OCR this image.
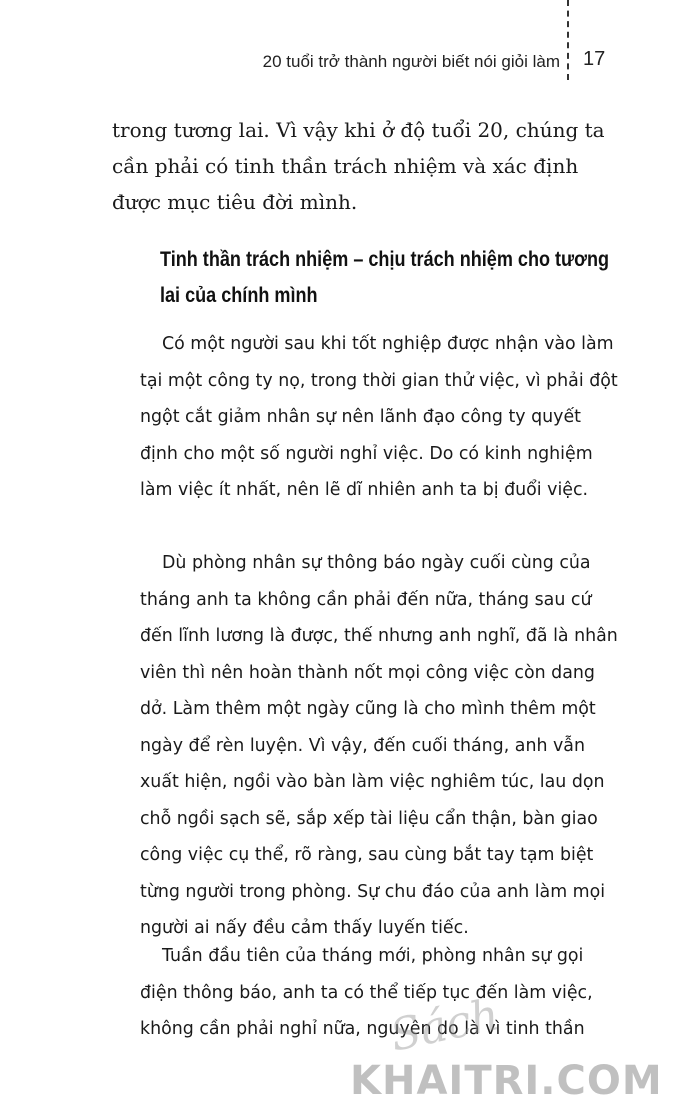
20 tuổi trở thành người biết nói giỏi làm 17

trong tương lai. Vì vậy khi ở độ tuổi 20, chúng ta cần phải có tinh thần trách nhiệm và xác định được mục tiêu đời mình.

Tinh thần trách nhiệm – chịu trách nhiệm cho tương lai của chính mình

Có một người sau khi tốt nghiệp được nhận vào làm tại một công ty nọ, trong thời gian thử việc, vì phải đột ngột cắt giảm nhân sự nên lãnh đạo công ty quyết định cho một số người nghỉ việc. Do có kinh nghiệm làm việc ít nhất, nên lẽ dĩ nhiên anh ta bị đuổi việc.

Dù phòng nhân sự thông báo ngày cuối cùng của tháng anh ta không cần phải đến nữa, tháng sau cứ đến lĩnh lương là được, thế nhưng anh nghĩ, đã là nhân viên thì nên hoàn thành nốt mọi công việc còn dang dở. Làm thêm một ngày cũng là cho mình thêm một ngày để rèn luyện. Vì vậy, đến cuối tháng, anh vẫn xuất hiện, ngồi vào bàn làm việc nghiêm túc, lau dọn chỗ ngồi sạch sẽ, sắp xếp tài liệu cẩn thận, bàn giao công việc cụ thể, rõ ràng, sau cùng bắt tay tạm biệt từng người trong phòng. Sự chu đáo của anh làm mọi người ai nấy đều cảm thấy luyến tiếc.

Tuần đầu tiên của tháng mới, phòng nhân sự gọi điện thông báo, anh ta có thể tiếp tục đến làm việc, không cần phải nghỉ nữa, nguyên do là vì tinh thần

Sách
KHAITRI.COM
